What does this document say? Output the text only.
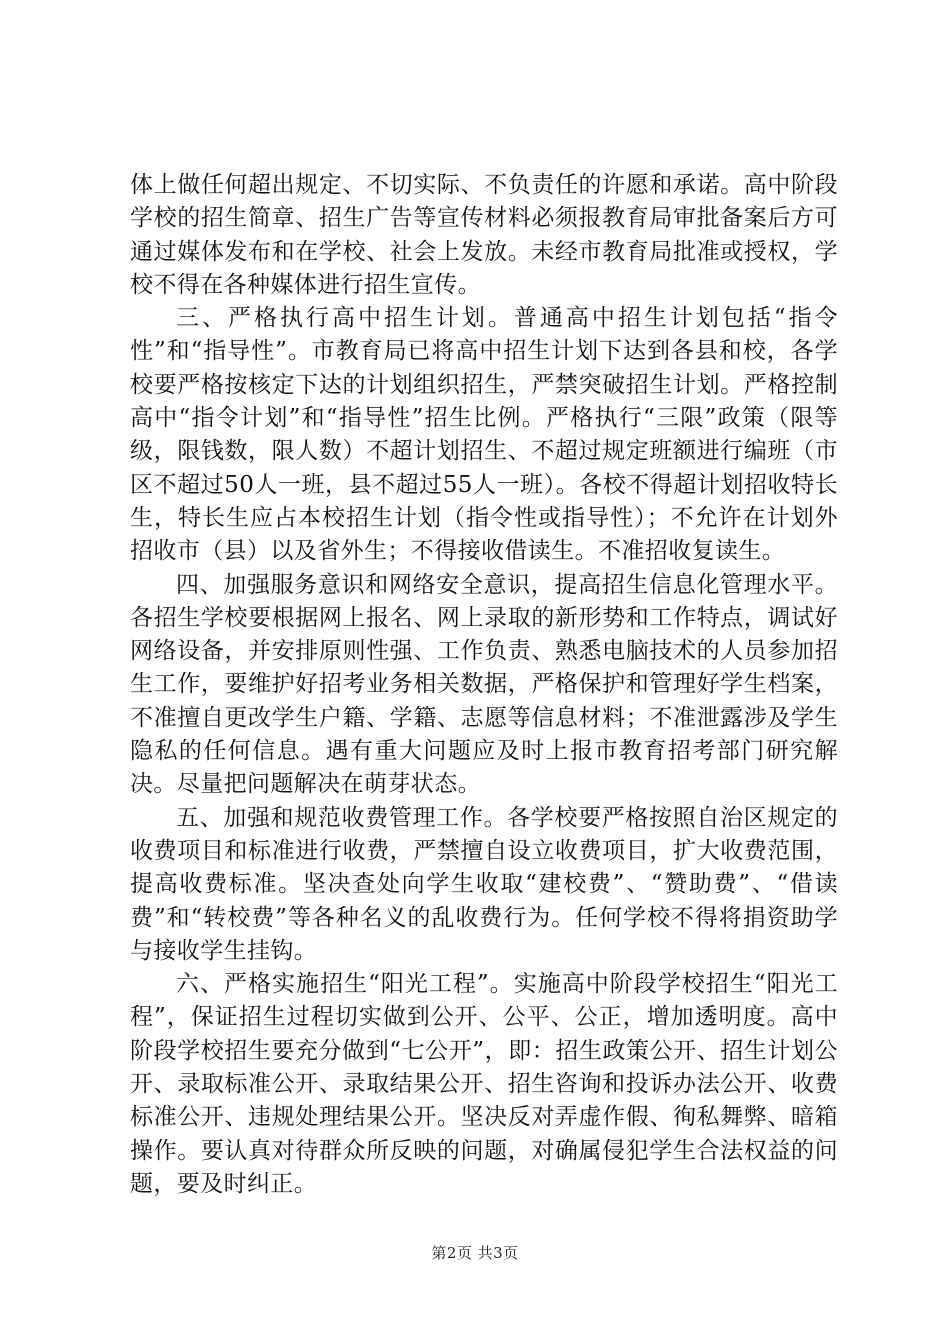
体上做任何超出规定、不切实际、不负责任的许愿和承诺。高中阶段学校的招生简章、招生广告等宣传材料必须报教育局审批备案后方可通过媒体发布和在学校、社会上发放。未经市教育局批准或授权，学校不得在各种媒体进行招生宣传。

三、严格执行高中招生计划。普通高中招生计划包括“指令性”和“指导性”。市教育局已将高中招生计划下达到各县和校，各学校要严格按核定下达的计划组织招生，严禁突破招生计划。严格控制高中“指令计划”和“指导性”招生比例。严格执行“三限”政策（限等级，限钱数，限人数）不超计划招生、不超过规定班额进行编班（市区不超过50人一班，县不超过55人一班）。各校不得超计划招收特长生，特长生应占本校招生计划（指令性或指导性）；不允许在计划外招收市（县）以及省外生；不得接收借读生。不准招收复读生。

四、加强服务意识和网络安全意识，提高招生信息化管理水平。各招生学校要根据网上报名、网上录取的新形势和工作特点，调试好网络设备，并安排原则性强、工作负责、熟悉电脑技术的人员参加招生工作，要维护好招考业务相关数据，严格保护和管理好学生档案，不准擅自更改学生户籍、学籍、志愿等信息材料；不准泄露涉及学生隐私的任何信息。遇有重大问题应及时上报市教育招考部门研究解决。尽量把问题解决在萌芽状态。

五、加强和规范收费管理工作。各学校要严格按照自治区规定的收费项目和标准进行收费，严禁擅自设立收费项目，扩大收费范围，提高收费标准。坚决查处向学生收取“建校费”、“赞助费”、“借读费”和“转校费”等各种名义的乱收费行为。任何学校不得将捐资助学与接收学生挂钩。

六、严格实施招生“阳光工程”。实施高中阶段学校招生“阳光工程”，保证招生过程切实做到公开、公平、公正，增加透明度。高中阶段学校招生要充分做到“七公开”，即：招生政策公开、招生计划公开、录取标准公开、录取结果公开、招生咨询和投诉办法公开、收费标准公开、违规处理结果公开。坚决反对弄虚作假、徇私舞弊、暗箱操作。要认真对待群众所反映的问题，对确属侵犯学生合法权益的问题，要及时纠正。

第2页 共3页
